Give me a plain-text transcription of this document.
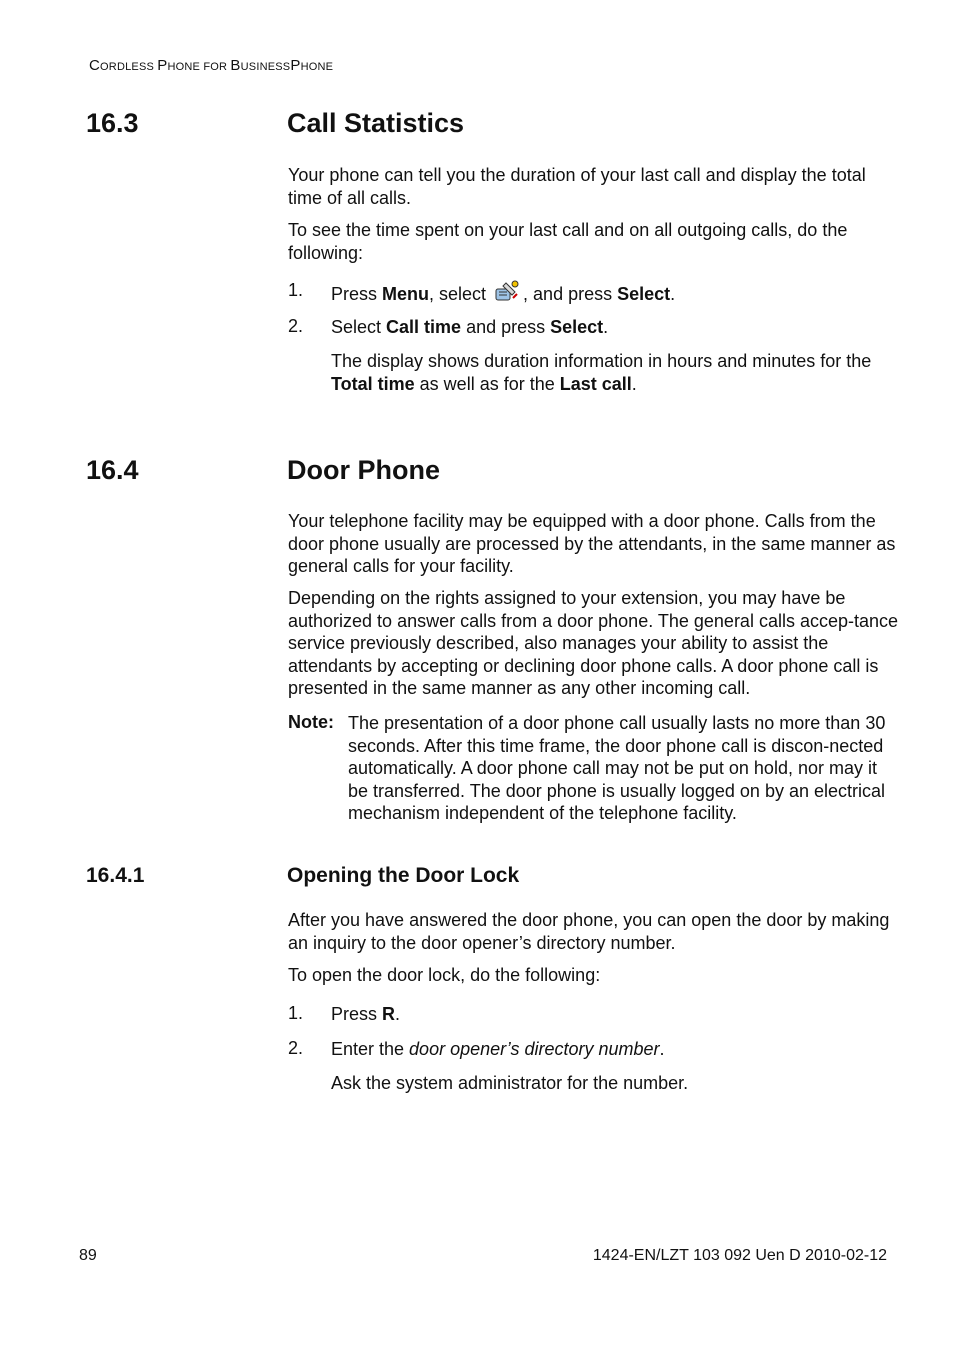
CORDLESS PHONE FOR BUSINESSPHONE
16.3	Call Statistics
Your phone can tell you the duration of your last call and display the total time of all calls.
To see the time spent on your last call and on all outgoing calls, do the following:
1. Press Menu, select , and press Select.
2. Select Call time and press Select.
The display shows duration information in hours and minutes for the Total time as well as for the Last call.
16.4	Door Phone
Your telephone facility may be equipped with a door phone. Calls from the door phone usually are processed by the attendants, in the same manner as general calls for your facility.
Depending on the rights assigned to your extension, you may have be authorized to answer calls from a door phone. The general calls accep-tance service previously described, also manages your ability to assist the attendants by accepting or declining door phone calls. A door phone call is presented in the same manner as any other incoming call.
Note: The presentation of a door phone call usually lasts no more than 30 seconds. After this time frame, the door phone call is discon-nected automatically. A door phone call may not be put on hold, nor may it be transferred. The door phone is usually logged on by an electrical mechanism independent of the telephone facility.
16.4.1	Opening the Door Lock
After you have answered the door phone, you can open the door by making an inquiry to the door opener’s directory number.
To open the door lock, do the following:
1. Press R.
2. Enter the door opener’s directory number.
Ask the system administrator for the number.
89	1424-EN/LZT 103 092 Uen D 2010-02-12
